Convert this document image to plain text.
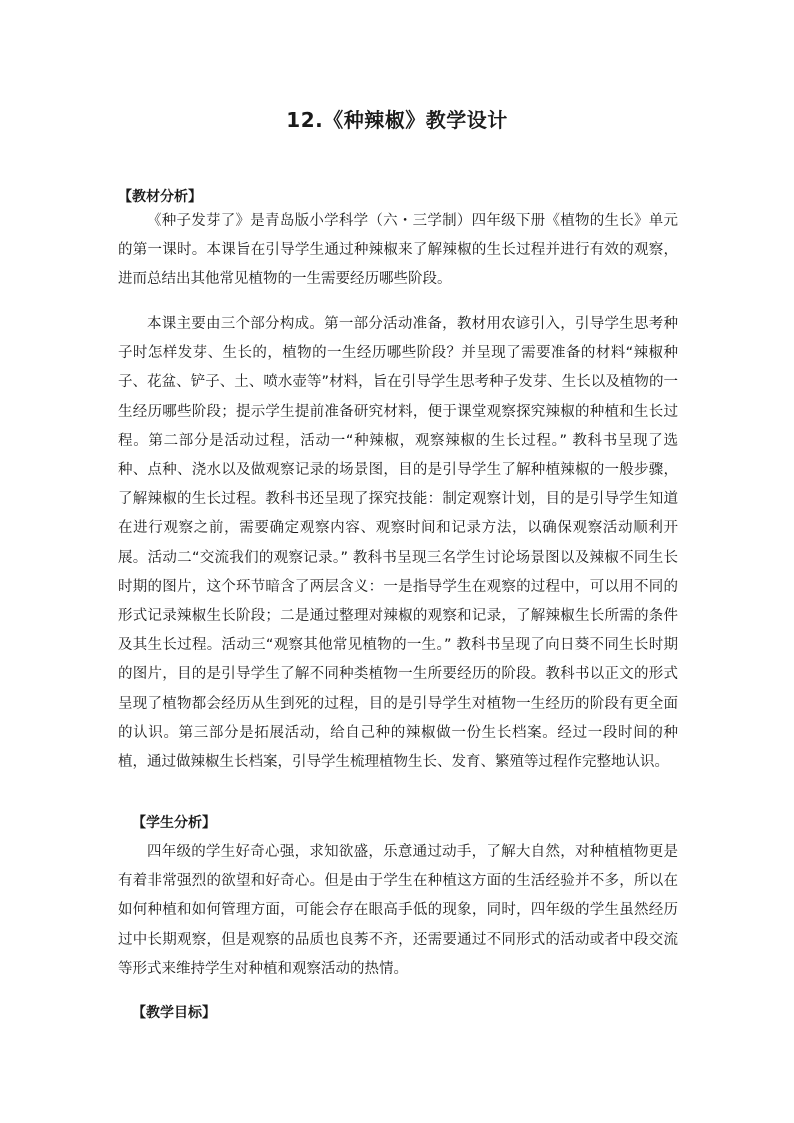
12.《种辣椒》教学设计
【教材分析】

《种子发芽了》是青岛版小学科学（六・三学制）四年级下册《植物的生长》单元的第一课时。本课旨在引导学生通过种辣椒来了解辣椒的生长过程并进行有效的观察，进而总结出其他常见植物的一生需要经历哪些阶段。

本课主要由三个部分构成。第一部分活动准备，教材用农谚引入，引导学生思考种子时怎样发芽、生长的，植物的一生经历哪些阶段？并呈现了需要准备的材料“辣椒种子、花盆、铲子、土、喷水壶等”材料，旨在引导学生思考种子发芽、生长以及植物的一生经历哪些阶段；提示学生提前准备研究材料，便于课堂观察探究辣椒的种植和生长过程。第二部分是活动过程，活动一“种辣椒，观察辣椒的生长过程。” 教科书呈现了选种、点种、浇水以及做观察记录的场景图，目的是引导学生了解种植辣椒的一般步骤，了解辣椒的生长过程。教科书还呈现了探究技能：制定观察计划，目的是引导学生知道在进行观察之前，需要确定观察内容、观察时间和记录方法，以确保观察活动顺利开展。活动二“交流我们的观察记录。” 教科书呈现三名学生讨论场景图以及辣椒不同生长时期的图片，这个环节暗含了两层含义：一是指导学生在观察的过程中，可以用不同的形式记录辣椒生长阶段；二是通过整理对辣椒的观察和记录，了解辣椒生长所需的条件及其生长过程。活动三“观察其他常见植物的一生。” 教科书呈现了向日葵不同生长时期的图片，目的是引导学生了解不同种类植物一生所要经历的阶段。教科书以正文的形式呈现了植物都会经历从生到死的过程，目的是引导学生对植物一生经历的阶段有更全面的认识。第三部分是拓展活动，给自己种的辣椒做一份生长档案。经过一段时间的种植，通过做辣椒生长档案，引导学生梳理植物生长、发育、繁殖等过程作完整地认识。

【学生分析】

四年级的学生好奇心强，求知欲盛，乐意通过动手，了解大自然，对种植植物更是有着非常强烈的欲望和好奇心。但是由于学生在种植这方面的生活经验并不多，所以在如何种植和如何管理方面，可能会存在眼高手低的现象，同时，四年级的学生虽然经历过中长期观察，但是观察的品质也良莠不齐，还需要通过不同形式的活动或者中段交流等形式来维持学生对种植和观察活动的热情。

【教学目标】
